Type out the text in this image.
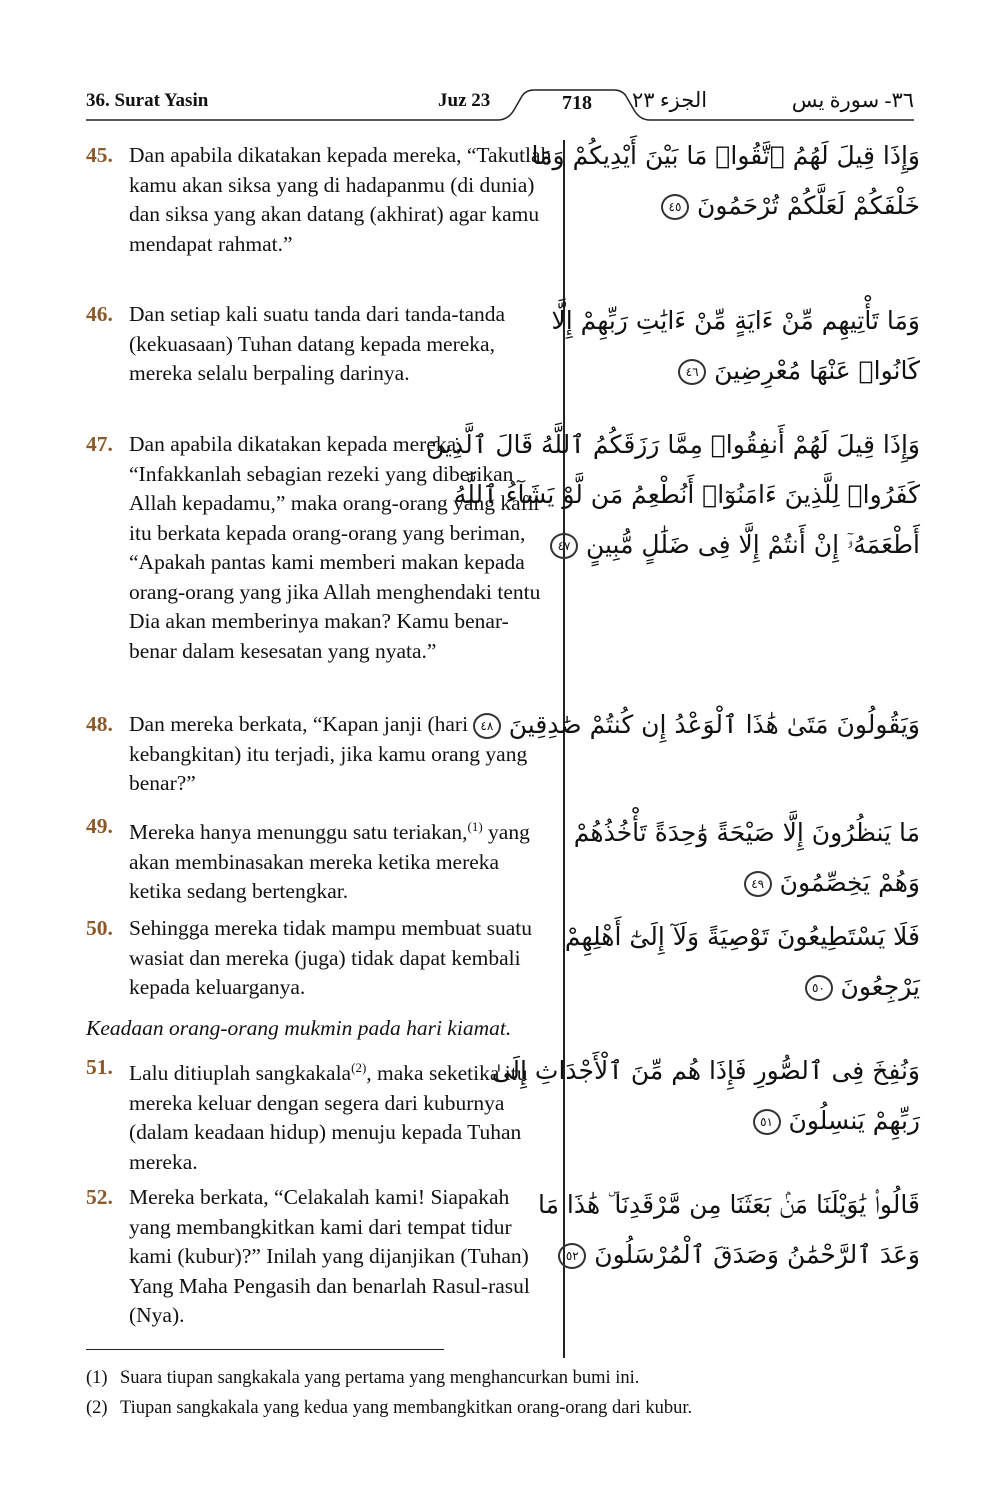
36. Surat Yasin	Juz 23	718	الجزء ٢٣	٣٦- سورة يس
45. Dan apabila dikatakan kepada mereka, “Takutlah kamu akan siksa yang di hadapanmu (di dunia) dan siksa yang akan datang (akhirat) agar kamu mendapat rahmat.”
وَإِذَا قِيلَ لَهُمُ ٱتَّقُوا۟ مَا بَيْنَ أَيْدِيكُمْ وَمَا
خَلْفَكُمْ لَعَلَّكُمْ تُرْحَمُونَ ٤٥
46. Dan setiap kali suatu tanda dari tanda-tanda (kekuasaan) Tuhan datang kepada mereka, mereka selalu berpaling darinya.
وَمَا تَأْتِيهِم مِّنْ ءَايَةٍ مِّنْ ءَايَٰتِ رَبِّهِمْ إِلَّا
كَانُوا۟ عَنْهَا مُعْرِضِينَ ٤٦
47. Dan apabila dikatakan kepada mereka, “Infakkanlah sebagian rezeki yang diberikan Allah kepadamu,” maka orang-orang yang kafir itu berkata kepada orang-orang yang beriman, “Apakah pantas kami memberi makan kepada orang-orang yang jika Allah menghendaki tentu Dia akan memberinya makan? Kamu benar-benar dalam kesesatan yang nyata.”
وَإِذَا قِيلَ لَهُمْ أَنفِقُوا۟ مِمَّا رَزَقَكُمُ ٱللَّهُ قَالَ ٱلَّذِينَ
كَفَرُوا۟ لِلَّذِينَ ءَامَنُوٓا۟ أَنُطْعِمُ مَن لَّوْ يَشَآءُ ٱللَّهُ
أَطْعَمَهُۥٓ إِنْ أَنتُمْ إِلَّا فِى ضَلَٰلٍ مُّبِينٍ ٤٧
48. Dan mereka berkata, “Kapan janji (hari kebangkitan) itu terjadi, jika kamu orang yang benar?”
وَيَقُولُونَ مَتَىٰ هَٰذَا ٱلْوَعْدُ إِن كُنتُمْ صَٰدِقِينَ ٤٨
49. Mereka hanya menunggu satu teriakan,$^{(1)}$ yang akan membinasakan mereka ketika mereka ketika sedang bertengkar.
مَا يَنظُرُونَ إِلَّا صَيْحَةً وَٰحِدَةً تَأْخُذُهُمْ
وَهُمْ يَخِصِّمُونَ ٤٩
50. Sehingga mereka tidak mampu membuat suatu wasiat dan mereka (juga) tidak dapat kembali kepada keluarganya.
فَلَا يَسْتَطِيعُونَ تَوْصِيَةً وَلَآ إِلَىٰٓ أَهْلِهِمْ
يَرْجِعُونَ ٥٠
Keadaan orang-orang mukmin pada hari kiamat.
51. Lalu ditiuplah sangkakala$^{(2)}$, maka seketika itu mereka keluar dengan segera dari kuburnya (dalam keadaan hidup) menuju kepada Tuhan mereka.
وَنُفِخَ فِى ٱلصُّورِ فَإِذَا هُم مِّنَ ٱلْأَجْدَاثِ إِلَىٰ
رَبِّهِمْ يَنسِلُونَ ٥١
52. Mereka berkata, “Celakalah kami! Siapakah yang membangkitkan kami dari tempat tidur kami (kubur)?” Inilah yang dijanjikan (Tuhan) Yang Maha Pengasih dan benarlah Rasul-rasul (Nya).
قَالُوا۟ يَٰوَيْلَنَا مَنۢ بَعَثَنَا مِن مَّرْقَدِنَا ۜ هَٰذَا مَا
وَعَدَ ٱلرَّحْمَٰنُ وَصَدَقَ ٱلْمُرْسَلُونَ ٥٢
(1) Suara tiupan sangkakala yang pertama yang menghancurkan bumi ini.
(2) Tiupan sangkakala yang kedua yang membangkitkan orang-orang dari kubur.
